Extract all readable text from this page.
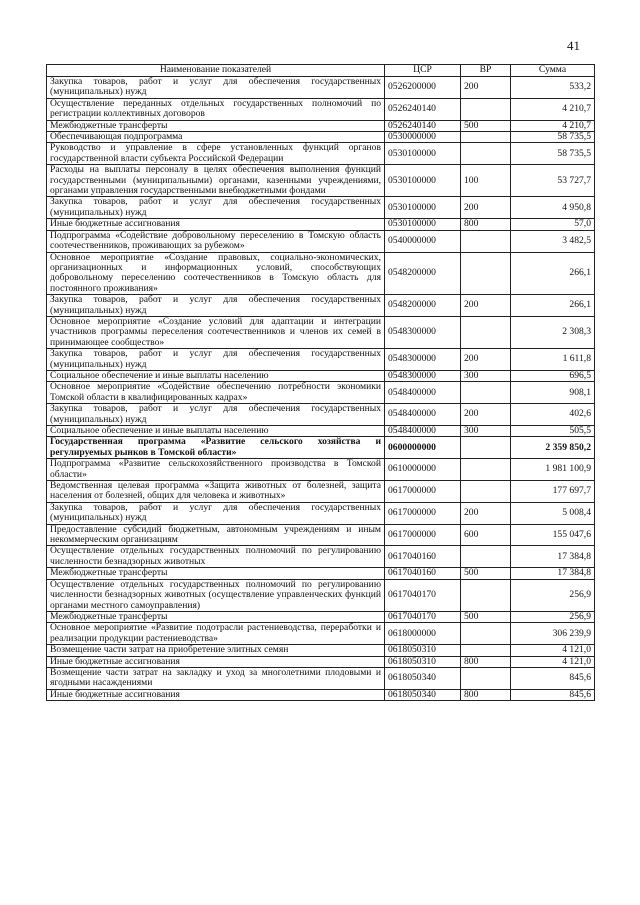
41
Наименование показателей	ЦСР	ВР	Сумма
Закупка товаров, работ и услуг для обеспечения государственных (муниципальных) нужд	0526200000	200	533,2
Осуществление переданных отдельных государственных полномочий по регистрации коллективных договоров	0526240140		4 210,7
Межбюджетные трансферты	0526240140	500	4 210,7
Обеспечивающая подпрограмма	0530000000		58 735,5
Руководство и управление в сфере установленных функций органов государственной власти субъекта Российской Федерации	0530100000		58 735,5
Расходы на выплаты персоналу в целях обеспечения выполнения функций государственными (муниципальными) органами, казенными учреждениями, органами управления государственными внебюджетными фондами	0530100000	100	53 727,7
Закупка товаров, работ и услуг для обеспечения государственных (муниципальных) нужд	0530100000	200	4 950,8
Иные бюджетные ассигнования	0530100000	800	57,0
Подпрограмма «Содействие добровольному переселению в Томскую область соотечественников, проживающих за рубежом»	0540000000		3 482,5
Основное мероприятие «Создание правовых, социально-экономических, организационных и информационных условий, способствующих добровольному переселению соотечественников в Томскую область для постоянного проживания»	0548200000		266,1
Закупка товаров, работ и услуг для обеспечения государственных (муниципальных) нужд	0548200000	200	266,1
Основное мероприятие «Создание условий для адаптации и интеграции участников программы переселения соотечественников и членов их семей в принимающее сообщество»	0548300000		2 308,3
Закупка товаров, работ и услуг для обеспечения государственных (муниципальных) нужд	0548300000	200	1 611,8
Социальное обеспечение и иные выплаты населению	0548300000	300	696,5
Основное мероприятие «Содействие обеспечению потребности экономики Томской области в квалифицированных кадрах»	0548400000		908,1
Закупка товаров, работ и услуг для обеспечения государственных (муниципальных) нужд	0548400000	200	402,6
Социальное обеспечение и иные выплаты населению	0548400000	300	505,5
Государственная программа «Развитие сельского хозяйства и регулируемых рынков в Томской области»	0600000000		2 359 850,2
Подпрограмма «Развитие сельскохозяйственного производства в Томской области»	0610000000		1 981 100,9
Ведомственная целевая программа «Защита животных от болезней, защита населения от болезней, общих для человека и животных»	0617000000		177 697,7
Закупка товаров, работ и услуг для обеспечения государственных (муниципальных) нужд	0617000000	200	5 008,4
Предоставление субсидий бюджетным, автономным учреждениям и иным некоммерческим организациям	0617000000	600	155 047,6
Осуществление отдельных государственных полномочий по регулированию численности безнадзорных животных	0617040160		17 384,8
Межбюджетные трансферты	0617040160	500	17 384,8
Осуществление отдельных государственных полномочий по регулированию численности безнадзорных животных (осуществление управленческих функций органами местного самоуправления)	0617040170		256,9
Межбюджетные трансферты	0617040170	500	256,9
Основное мероприятие «Развитие подотрасли растениеводства, переработки и реализации продукции растениеводства»	0618000000		306 239,9
Возмещение части затрат на приобретение элитных семян	0618050310		4 121,0
Иные бюджетные ассигнования	0618050310	800	4 121,0
Возмещение части затрат на закладку и уход за многолетними плодовыми и ягодными насаждениями	0618050340		845,6
Иные бюджетные ассигнования	0618050340	800	845,6
